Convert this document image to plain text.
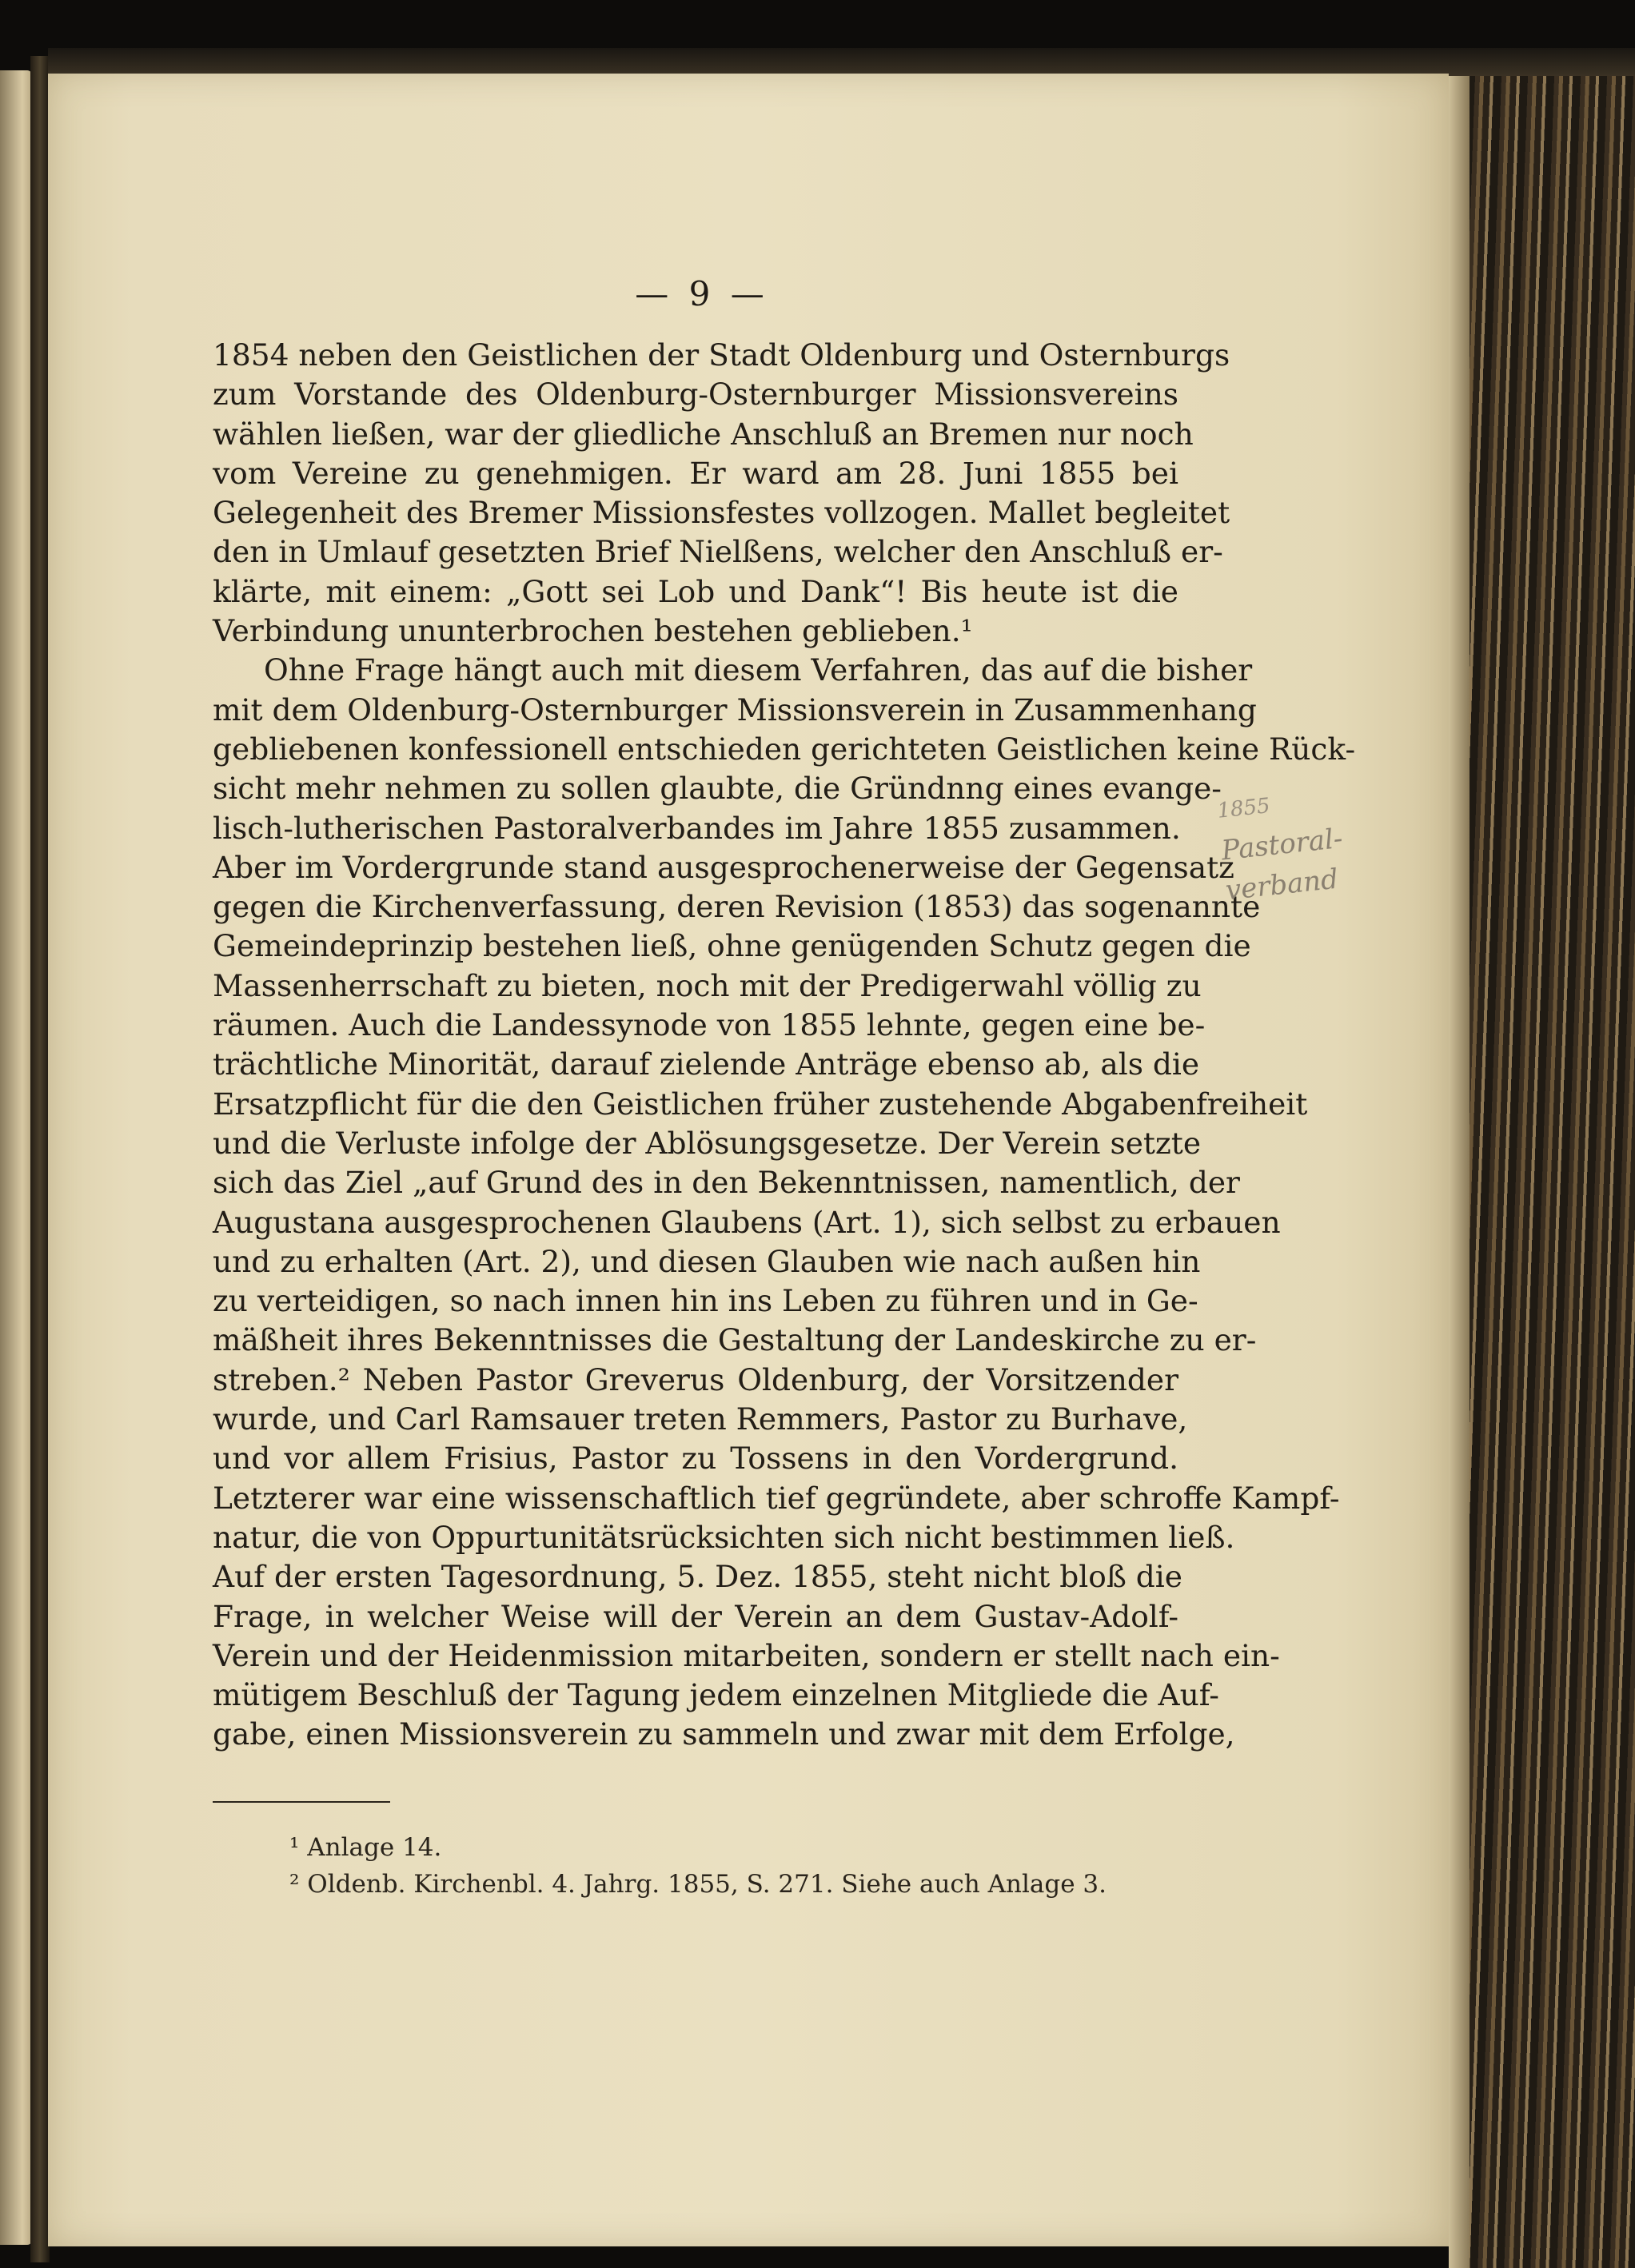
— 9 —
1854 neben den Geistlichen der Stadt Oldenburg und Osternburgs
zum Vorstande des Oldenburg-Osternburger Missionsvereins
wählen ließen, war der gliedliche Anschluß an Bremen nur noch
vom Vereine zu genehmigen. Er ward am 28. Juni 1855 bei
Gelegenheit des Bremer Missionsfestes vollzogen. Mallet begleitet
den in Umlauf gesetzten Brief Nielßens, welcher den Anschluß er-
klärte, mit einem: „Gott sei Lob und Dank“! Bis heute ist die
Verbindung ununterbrochen bestehen geblieben.¹
Ohne Frage hängt auch mit diesem Verfahren, das auf die bisher
mit dem Oldenburg-Osternburger Missionsverein in Zusammenhang
gebliebenen konfessionell entschieden gerichteten Geistlichen keine Rück-
sicht mehr nehmen zu sollen glaubte, die Gründnng eines evange-
lisch-lutherischen Pastoralverbandes im Jahre 1855 zusammen.
Aber im Vordergrunde stand ausgesprochenerweise der Gegensatz
gegen die Kirchenverfassung, deren Revision (1853) das sogenannte
Gemeindeprinzip bestehen ließ, ohne genügenden Schutz gegen die
Massenherrschaft zu bieten, noch mit der Predigerwahl völlig zu
räumen. Auch die Landessynode von 1855 lehnte, gegen eine be-
trächtliche Minorität, darauf zielende Anträge ebenso ab, als die
Ersatzpflicht für die den Geistlichen früher zustehende Abgabenfreiheit
und die Verluste infolge der Ablösungsgesetze. Der Verein setzte
sich das Ziel „auf Grund des in den Bekenntnissen, namentlich, der
Augustana ausgesprochenen Glaubens (Art. 1), sich selbst zu erbauen
und zu erhalten (Art. 2), und diesen Glauben wie nach außen hin
zu verteidigen, so nach innen hin ins Leben zu führen und in Ge-
mäßheit ihres Bekenntnisses die Gestaltung der Landeskirche zu er-
streben.² Neben Pastor Greverus Oldenburg, der Vorsitzender
wurde, und Carl Ramsauer treten Remmers, Pastor zu Burhave,
und vor allem Frisius, Pastor zu Tossens in den Vordergrund.
Letzterer war eine wissenschaftlich tief gegründete, aber schroffe Kampf-
natur, die von Oppurtunitätsrücksichten sich nicht bestimmen ließ.
Auf der ersten Tagesordnung, 5. Dez. 1855, steht nicht bloß die
Frage, in welcher Weise will der Verein an dem Gustav-Adolf-
Verein und der Heidenmission mitarbeiten, sondern er stellt nach ein-
mütigem Beschluß der Tagung jedem einzelnen Mitgliede die Auf-
gabe, einen Missionsverein zu sammeln und zwar mit dem Erfolge,
1855
Pastoral-
verband
¹ Anlage 14.
² Oldenb. Kirchenbl. 4. Jahrg. 1855, S. 271. Siehe auch Anlage 3.
